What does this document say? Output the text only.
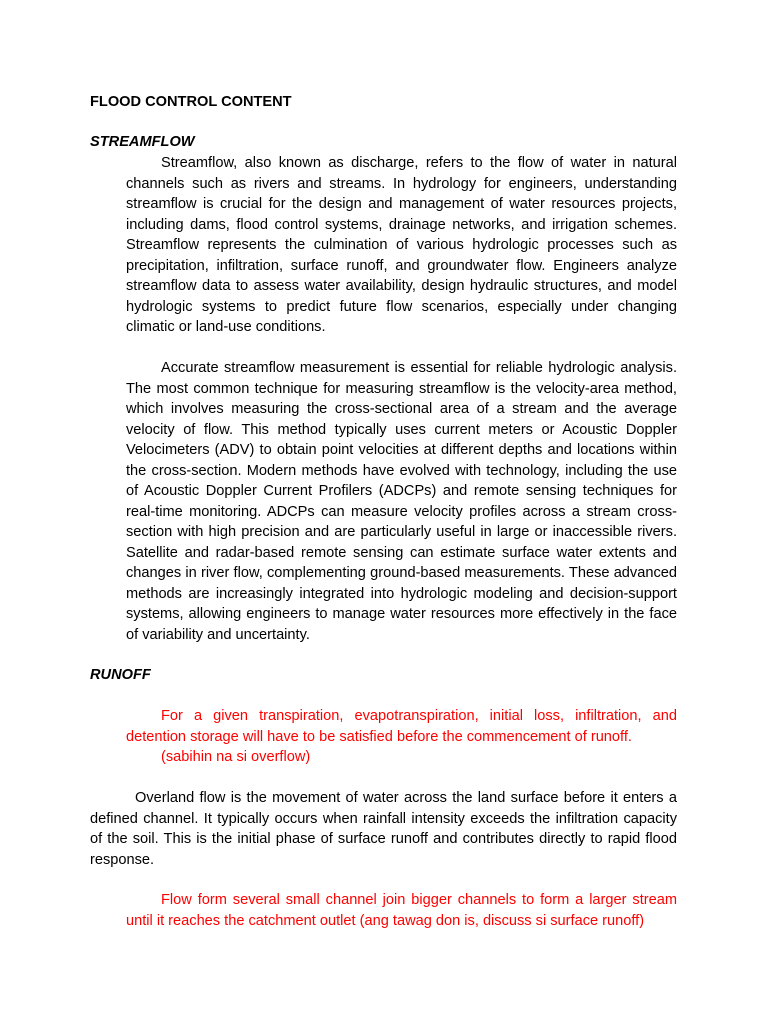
FLOOD CONTROL CONTENT
STREAMFLOW

Streamflow, also known as discharge, refers to the flow of water in natural channels such as rivers and streams. In hydrology for engineers, understanding streamflow is crucial for the design and management of water resources projects, including dams, flood control systems, drainage networks, and irrigation schemes. Streamflow represents the culmination of various hydrologic processes such as precipitation, infiltration, surface runoff, and groundwater flow. Engineers analyze streamflow data to assess water availability, design hydraulic structures, and model hydrologic systems to predict future flow scenarios, especially under changing climatic or land-use conditions.

Accurate streamflow measurement is essential for reliable hydrologic analysis. The most common technique for measuring streamflow is the velocity-area method, which involves measuring the cross-sectional area of a stream and the average velocity of flow. This method typically uses current meters or Acoustic Doppler Velocimeters (ADV) to obtain point velocities at different depths and locations within the cross-section. Modern methods have evolved with technology, including the use of Acoustic Doppler Current Profilers (ADCPs) and remote sensing techniques for real-time monitoring. ADCPs can measure velocity profiles across a stream cross-section with high precision and are particularly useful in large or inaccessible rivers. Satellite and radar-based remote sensing can estimate surface water extents and changes in river flow, complementing ground-based measurements. These advanced methods are increasingly integrated into hydrologic modeling and decision-support systems, allowing engineers to manage water resources more effectively in the face of variability and uncertainty.

RUNOFF

For a given transpiration, evapotranspiration, initial loss, infiltration, and detention storage will have to be satisfied before the commencement of runoff.

(sabihin na si overflow)

Overland flow is the movement of water across the land surface before it enters a defined channel. It typically occurs when rainfall intensity exceeds the infiltration capacity of the soil. This is the initial phase of surface runoff and contributes directly to rapid flood response.

Flow form several small channel join bigger channels to form a larger stream until it reaches the catchment outlet (ang tawag don is, discuss si surface runoff)
